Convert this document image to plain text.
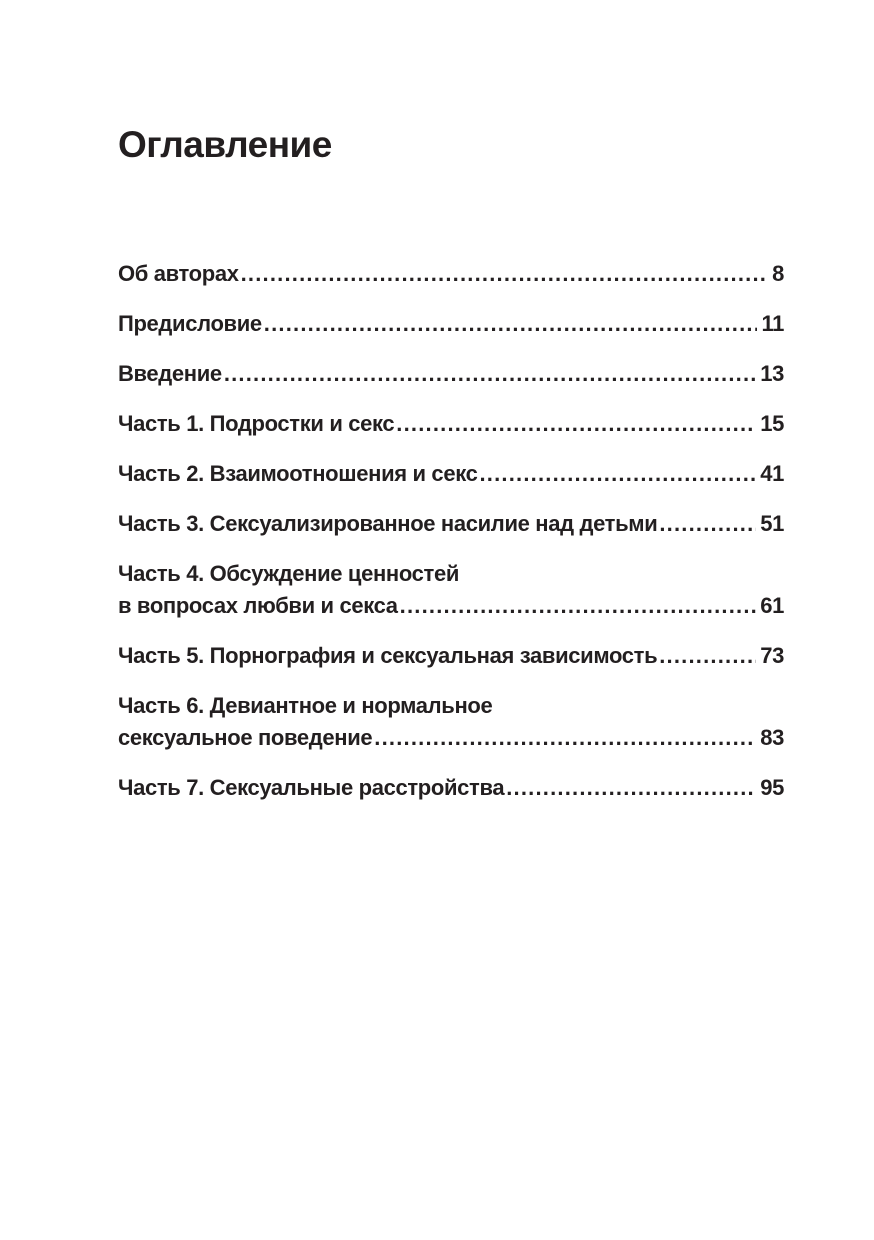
Оглавление
Об авторах .....	8
Предисловие .....	11
Введение .....	13
Часть 1. Подростки и секс .....	15
Часть 2. Взаимоотношения и секс .....	41
Часть 3. Сексуализированное насилие над детьми .....	51
Часть 4. Обсуждение ценностей
в вопросах любви и секса .....	61
Часть 5. Порнография и сексуальная зависимость .....	73
Часть 6. Девиантное и нормальное
сексуальное поведение .....	83
Часть 7. Сексуальные расстройства .....	95
